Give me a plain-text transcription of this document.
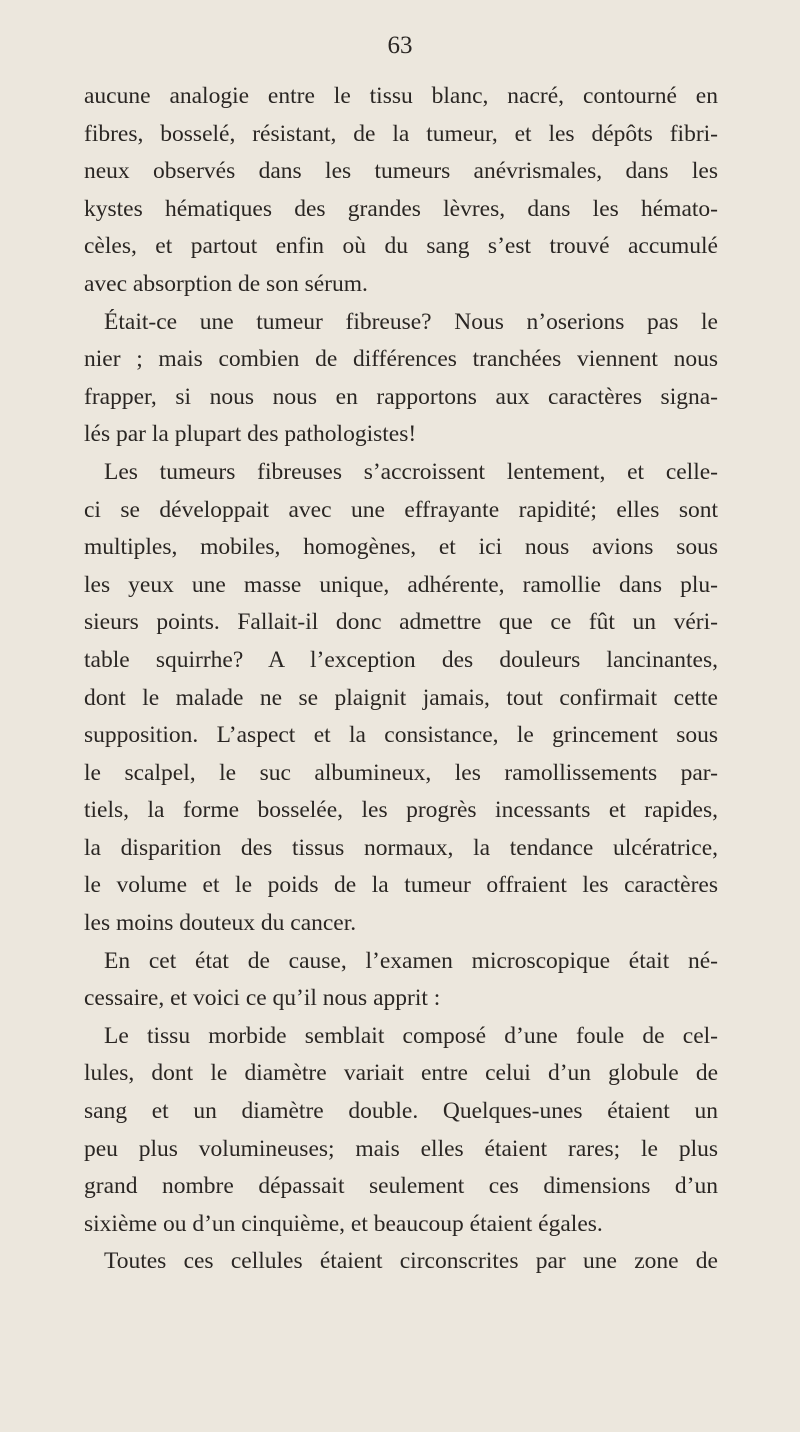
63
aucune analogie entre le tissu blanc, nacré, contourné en
fibres, bosselé, résistant, de la tumeur, et les dépôts fibri-
neux observés dans les tumeurs anévrismales, dans les
kystes hématiques des grandes lèvres, dans les hémato-
cèles, et partout enfin où du sang s’est trouvé accumulé
avec absorption de son sérum.
Était-ce une tumeur fibreuse? Nous n’oserions pas le
nier ; mais combien de différences tranchées viennent nous
frapper, si nous nous en rapportons aux caractères signa-
lés par la plupart des pathologistes!
Les tumeurs fibreuses s’accroissent lentement, et celle-
ci se développait avec une effrayante rapidité; elles sont
multiples, mobiles, homogènes, et ici nous avions sous
les yeux une masse unique, adhérente, ramollie dans plu-
sieurs points. Fallait-il donc admettre que ce fût un véri-
table squirrhe? A l’exception des douleurs lancinantes,
dont le malade ne se plaignit jamais, tout confirmait cette
supposition. L’aspect et la consistance, le grincement sous
le scalpel, le suc albumineux, les ramollissements par-
tiels, la forme bosselée, les progrès incessants et rapides,
la disparition des tissus normaux, la tendance ulcératrice,
le volume et le poids de la tumeur offraient les caractères
les moins douteux du cancer.
En cet état de cause, l’examen microscopique était né-
cessaire, et voici ce qu’il nous apprit :
Le tissu morbide semblait composé d’une foule de cel-
lules, dont le diamètre variait entre celui d’un globule de
sang et un diamètre double. Quelques-unes étaient un
peu plus volumineuses; mais elles étaient rares; le plus
grand nombre dépassait seulement ces dimensions d’un
sixième ou d’un cinquième, et beaucoup étaient égales.
Toutes ces cellules étaient circonscrites par une zone de
